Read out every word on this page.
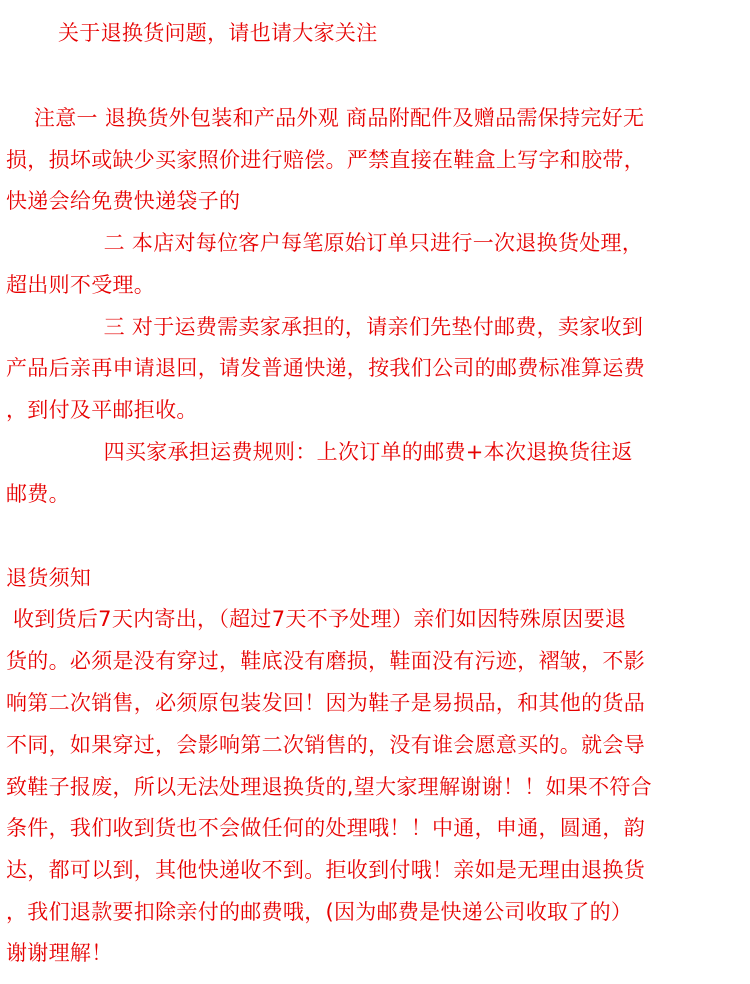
关于退换货问题，请也请大家关注
注意一 退换货外包装和产品外观 商品附配件及赠品需保持完好无
损，损坏或缺少买家照价进行赔偿。严禁直接在鞋盒上写字和胶带，
快递会给免费快递袋子的
二 本店对每位客户每笔原始订单只进行一次退换货处理，
超出则不受理。
三 对于运费需卖家承担的，请亲们先垫付邮费，卖家收到
产品后亲再申请退回，请发普通快递，按我们公司的邮费标准算运费
，到付及平邮拒收。
四买家承担运费规则：上次订单的邮费+本次退换货往返
邮费。
退货须知
收到货后7天内寄出，（超过7天不予处理）亲们如因特殊原因要退
货的。必须是没有穿过，鞋底没有磨损，鞋面没有污迹，褶皱，不影
响第二次销售，必须原包装发回！因为鞋子是易损品，和其他的货品
不同，如果穿过，会影响第二次销售的，没有谁会愿意买的。就会导
致鞋子报废，所以无法处理退换货的,望大家理解谢谢！！如果不符合
条件，我们收到货也不会做任何的处理哦！！中通，申通，圆通，韵
达，都可以到，其他快递收不到。拒收到付哦！亲如是无理由退换货
，我们退款要扣除亲付的邮费哦，(因为邮费是快递公司收取了的）
谢谢理解！
